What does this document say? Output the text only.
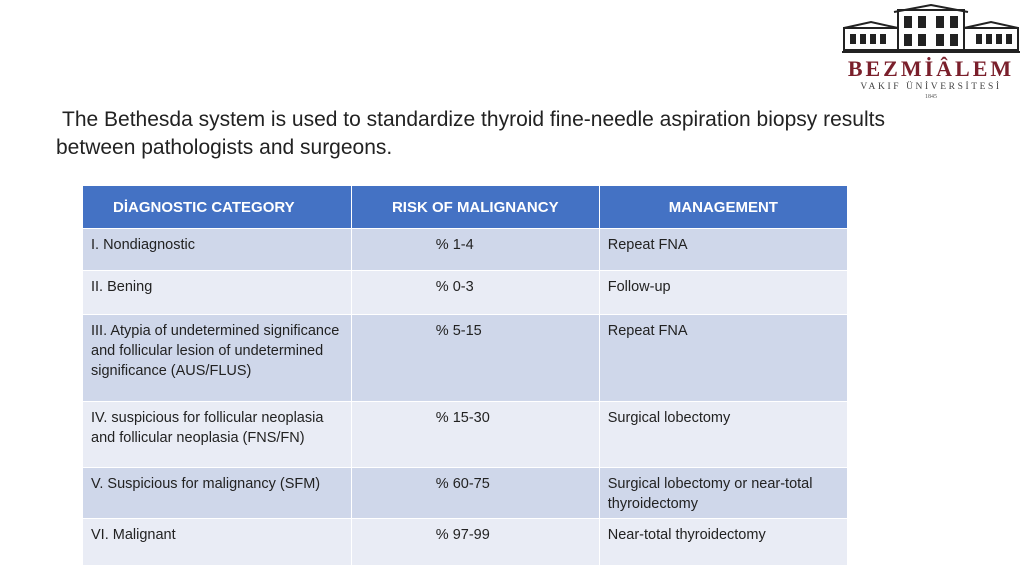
BEZMİÂLEM
VAKIF ÜNİVERSİTESİ
1845
The Bethesda system is used to standardize thyroid fine-needle aspiration biopsy results between pathologists and surgeons.
DİAGNOSTIC CATEGORY	RISK OF MALIGNANCY	MANAGEMENT
I. Nondiagnostic	% 1-4	Repeat FNA
II. Bening	% 0-3	Follow-up
III. Atypia of undetermined significance and follicular lesion of undetermined significance (AUS/FLUS)	% 5-15	Repeat FNA
IV. suspicious for follicular neoplasia and follicular neoplasia (FNS/FN)	% 15-30	Surgical lobectomy
V. Suspicious for malignancy (SFM)	% 60-75	Surgical lobectomy or near-total thyroidectomy
VI. Malignant	% 97-99	Near-total thyroidectomy
